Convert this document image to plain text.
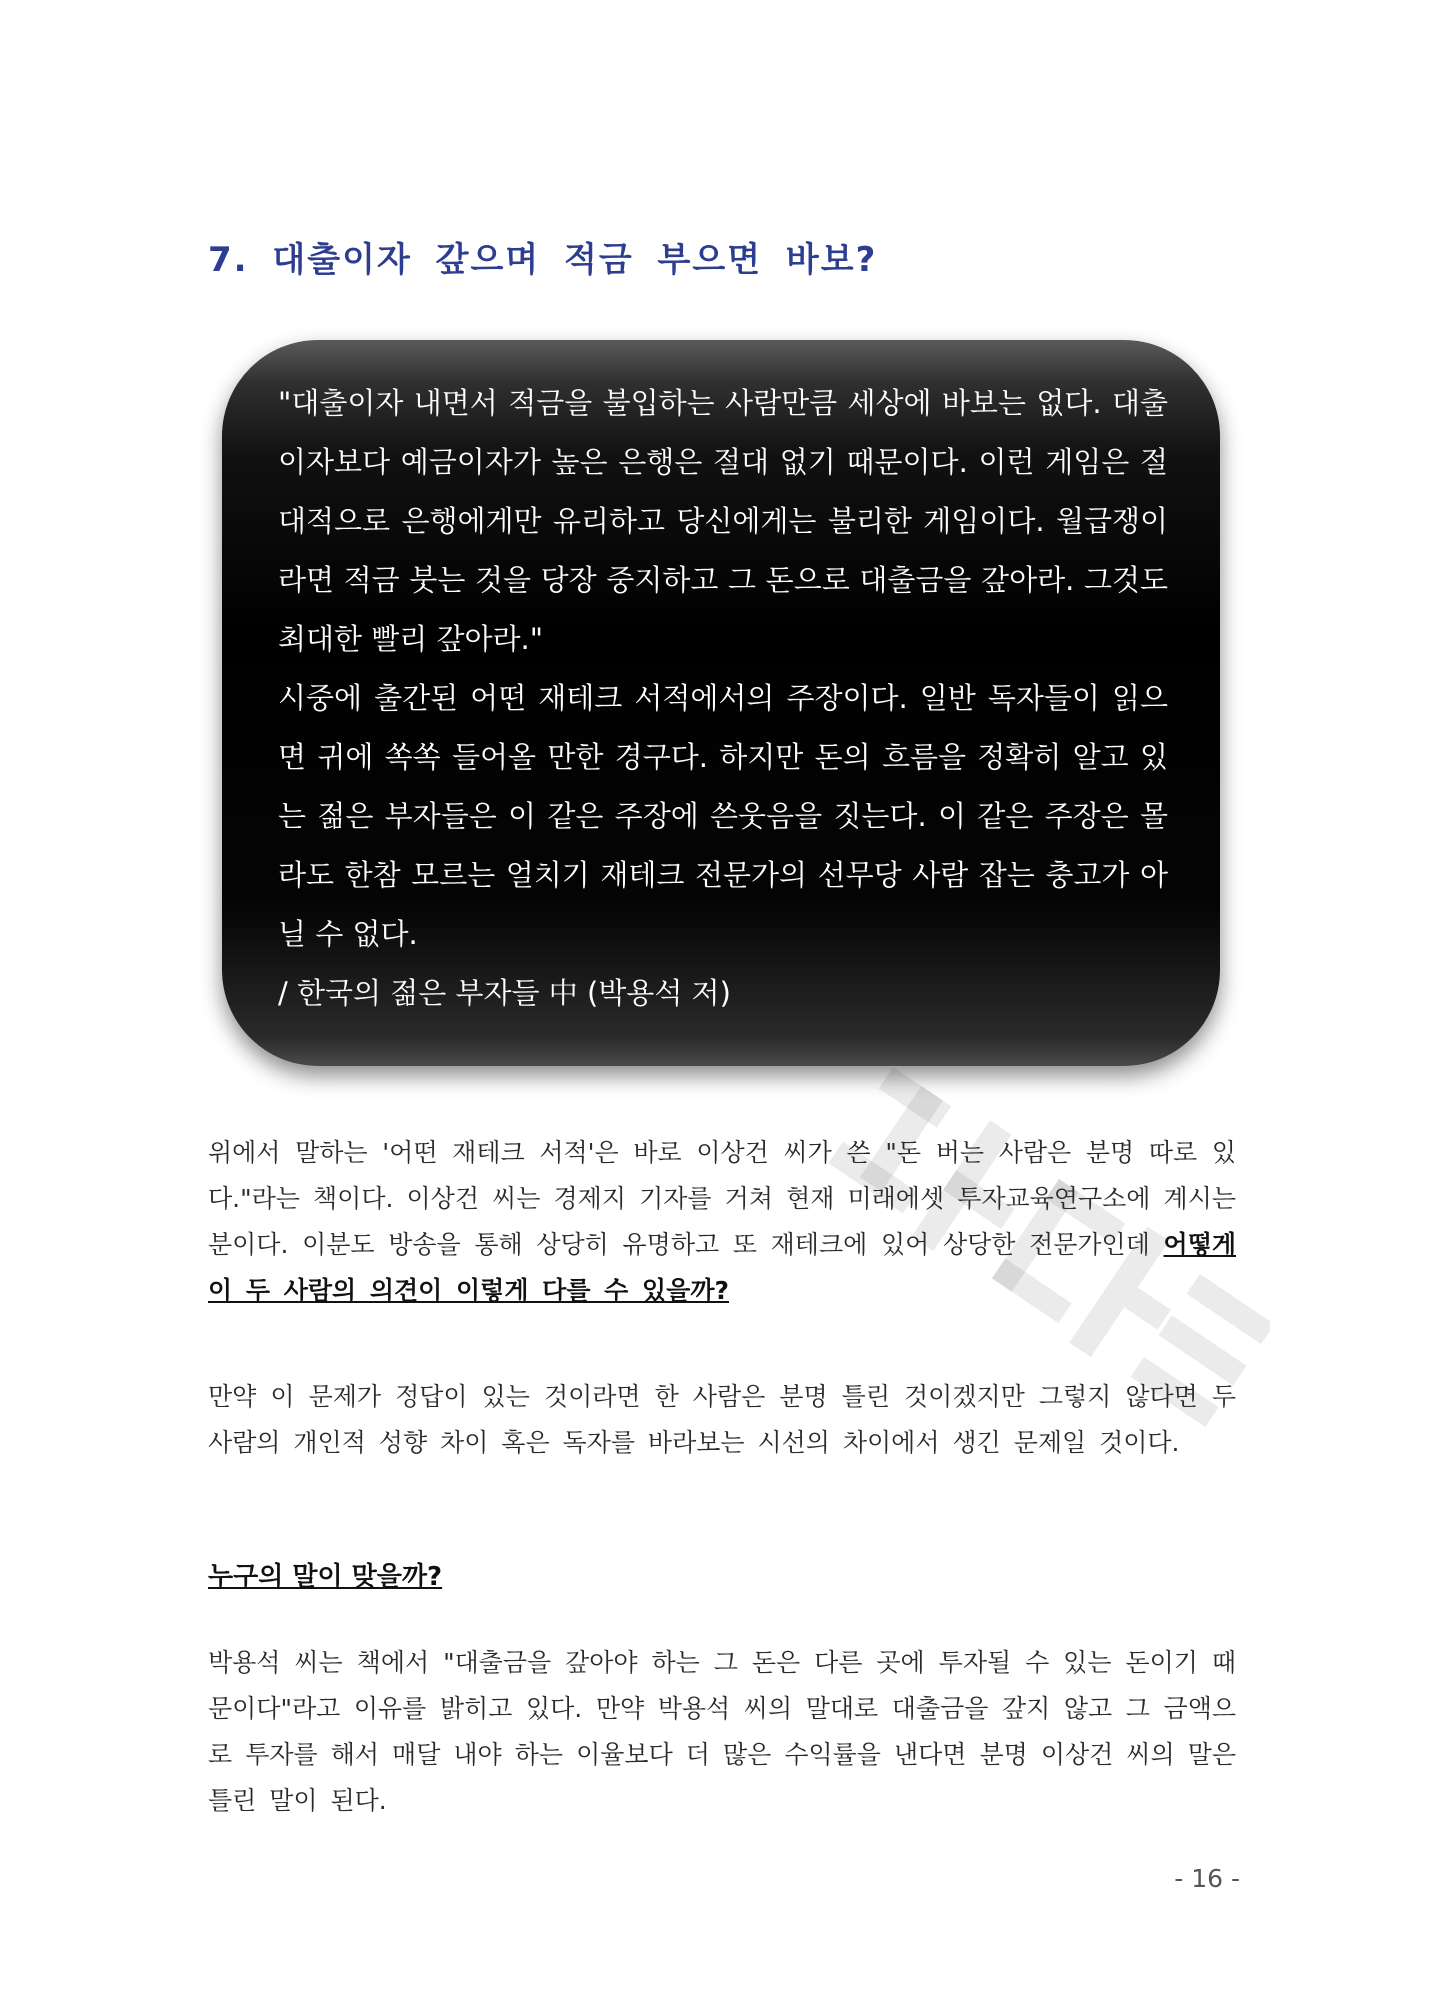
7. 대출이자 갚으며 적금 부으면 바보?

"대출이자 내면서 적금을 불입하는 사람만큼 세상에 바보는 없다. 대출이자보다 예금이자가 높은 은행은 절대 없기 때문이다. 이런 게임은 절대적으로 은행에게만 유리하고 당신에게는 불리한 게임이다. 월급쟁이라면 적금 붓는 것을 당장 중지하고 그 돈으로 대출금을 갚아라. 그것도 최대한 빨리 갚아라."

시중에 출간된 어떤 재테크 서적에서의 주장이다. 일반 독자들이 읽으면 귀에 쏙쏙 들어올 만한 경구다. 하지만 돈의 흐름을 정확히 알고 있는 젊은 부자들은 이 같은 주장에 쓴웃음을 짓는다. 이 같은 주장은 몰라도 한참 모르는 얼치기 재테크 전문가의 선무당 사람 잡는 충고가 아닐 수 없다.

/ 한국의 젊은 부자들 中 (박용석 저)

위에서 말하는 '어떤 재테크 서적'은 바로 이상건 씨가 쓴 "돈 버는 사람은 분명 따로 있다."라는 책이다. 이상건 씨는 경제지 기자를 거쳐 현재 미래에셋 투자교육연구소에 계시는 분이다. 이분도 방송을 통해 상당히 유명하고 또 재테크에 있어 상당한 전문가인데 어떻게 이 두 사람의 의견이 이렇게 다를 수 있을까?

만약 이 문제가 정답이 있는 것이라면 한 사람은 분명 틀린 것이겠지만 그렇지 않다면 두 사람의 개인적 성향 차이 혹은 독자를 바라보는 시선의 차이에서 생긴 문제일 것이다.

누구의 말이 맞을까?

박용석 씨는 책에서 "대출금을 갚아야 하는 그 돈은 다른 곳에 투자될 수 있는 돈이기 때문이다"라고 이유를 밝히고 있다. 만약 박용석 씨의 말대로 대출금을 갚지 않고 그 금액으로 투자를 해서 매달 내야 하는 이율보다 더 많은 수익률을 낸다면 분명 이상건 씨의 말은 틀린 말이 된다.

- 16 -
